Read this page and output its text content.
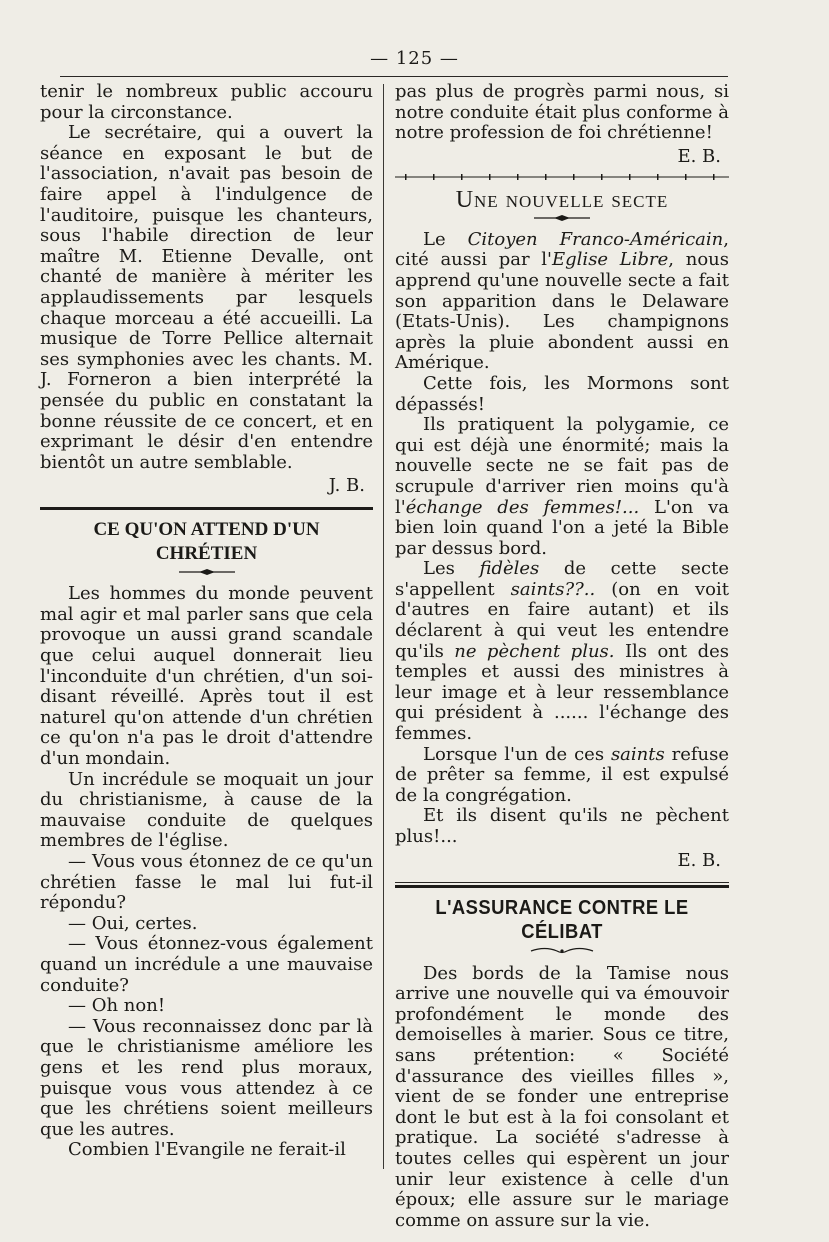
— 125 —

tenir le nombreux public accouru pour la circonstance.

Le secrétaire, qui a ouvert la séance en exposant le but de l'association, n'avait pas besoin de faire appel à l'indulgence de l'auditoire, puisque les chanteurs, sous l'habile direction de leur maître M. Etienne Devalle, ont chanté de manière à mériter les applaudissements par lesquels chaque morceau a été accueilli. La musique de Torre Pellice alternait ses symphonies avec les chants. M. J. Forneron a bien interprété la pensée du public en constatant la bonne réussite de ce concert, et en exprimant le désir d'en entendre bientôt un autre semblable.

J. B.
CE QU'ON ATTEND D'UN CHRÉTIEN

Les hommes du monde peuvent mal agir et mal parler sans que cela provoque un aussi grand scandale que celui auquel donnerait lieu l'inconduite d'un chrétien, d'un soi-disant réveillé. Après tout il est naturel qu'on attende d'un chrétien ce qu'on n'a pas le droit d'attendre d'un mondain.

Un incrédule se moquait un jour du christianisme, à cause de la mauvaise conduite de quelques membres de l'église.

— Vous vous étonnez de ce qu'un chrétien fasse le mal lui fut-il répondu?

— Oui, certes.

— Vous étonnez-vous également quand un incrédule a une mauvaise conduite?

— Oh non!

— Vous reconnaissez donc par là que le christianisme améliore les gens et les rend plus moraux, puisque vous vous attendez à ce que les chrétiens soient meilleurs que les autres.

Combien l'Evangile ne ferait-il

pas plus de progrès parmi nous, si notre conduite était plus conforme à notre profession de foi chrétienne!

E. B.
Une nouvelle secte

Le Citoyen Franco-Américain, cité aussi par l'Eglise Libre, nous apprend qu'une nouvelle secte a fait son apparition dans le Delaware (Etats-Unis). Les champignons après la pluie abondent aussi en Amérique.

Cette fois, les Mormons sont dépassés!

Ils pratiquent la polygamie, ce qui est déjà une énormité; mais la nouvelle secte ne se fait pas de scrupule d'arriver rien moins qu'à l'échange des femmes!... L'on va bien loin quand l'on a jeté la Bible par dessus bord.

Les fidèles de cette secte s'appellent saints??.. (on en voit d'autres en faire autant) et ils déclarent à qui veut les entendre qu'ils ne pèchent plus. Ils ont des temples et aussi des ministres à leur image et à leur ressemblance qui président à ...... l'échange des femmes.

Lorsque l'un de ces saints refuse de prêter sa femme, il est expulsé de la congrégation.

Et ils disent qu'ils ne pèchent plus!...

E. B.
L'ASSURANCE CONTRE LE CÉLIBAT

Des bords de la Tamise nous arrive une nouvelle qui va émouvoir profondément le monde des demoiselles à marier. Sous ce titre, sans prétention: « Société d'assurance des vieilles filles », vient de se fonder une entreprise dont le but est à la foi consolant et pratique. La société s'adresse à toutes celles qui espèrent un jour unir leur existence à celle d'un époux; elle assure sur le mariage comme on assure sur la vie.
